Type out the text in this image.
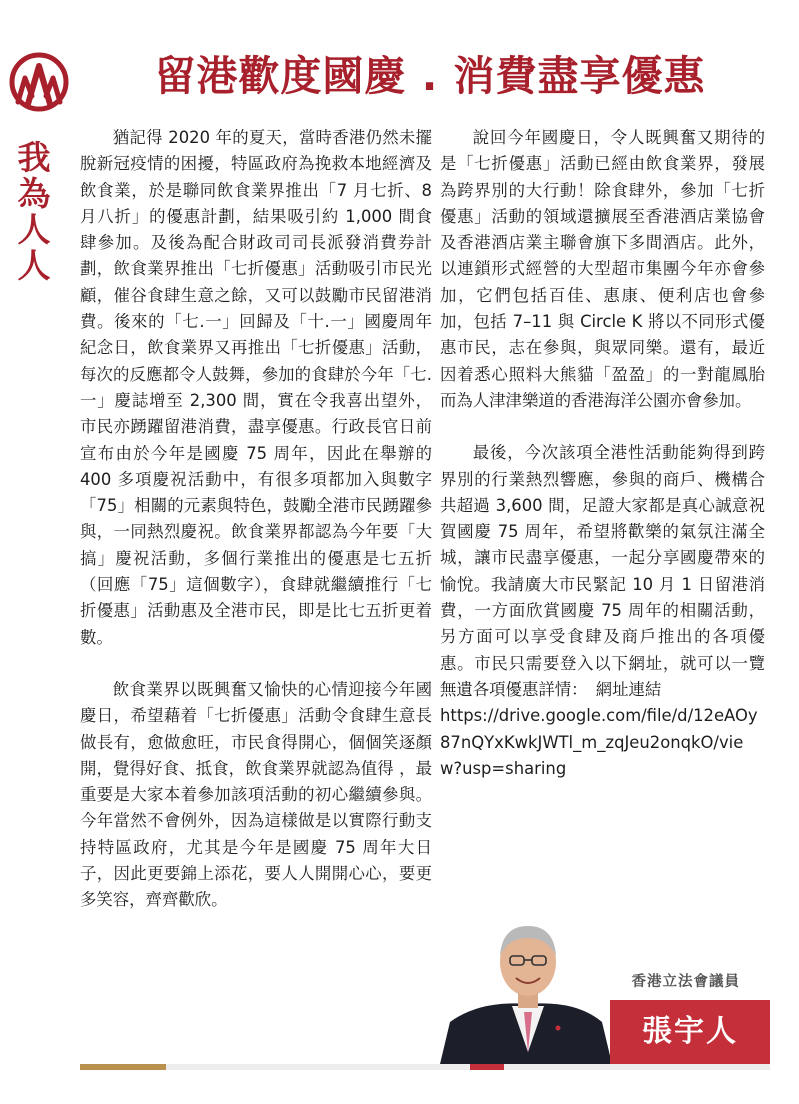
我為人人
留港歡度國慶 . 消費盡享優惠

猶記得 2020 年的夏天，當時香港仍然未擺脫新冠疫情的困擾，特區政府為挽救本地經濟及飲食業，於是聯同飲食業界推出「7 月七折、8 月八折」的優惠計劃，結果吸引約 1,000 間食肆參加。及後為配合財政司司長派發消費券計劃，飲食業界推出「七折優惠」活動吸引市民光顧，催谷食肆生意之餘，又可以鼓勵市民留港消費。後來的「七.一」回歸及「十.一」國慶周年紀念日，飲食業界又再推出「七折優惠」活動，每次的反應都令人鼓舞，參加的食肆於今年「七.一」慶誌增至 2,300 間，實在令我喜出望外，市民亦踴躍留港消費，盡享優惠。行政長官日前宣布由於今年是國慶 75 周年，因此在舉辦的 400 多項慶祝活動中，有很多項都加入與數字「75」相關的元素與特色，鼓勵全港市民踴躍參與，一同熱烈慶祝。飲食業界都認為今年要「大搞」慶祝活動，多個行業推出的優惠是七五折（回應「75」這個數字），食肆就繼續推行「七折優惠」活動惠及全港市民，即是比七五折更着數。

飲食業界以既興奮又愉快的心情迎接今年國慶日，希望藉着「七折優惠」活動令食肆生意長做長有，愈做愈旺，市民食得開心，個個笑逐顏開，覺得好食、抵食，飲食業界就認為值得 ，最重要是大家本着參加該項活動的初心繼續參與。今年當然不會例外，因為這樣做是以實際行動支持特區政府，尤其是今年是國慶 75 周年大日子，因此更要錦上添花，要人人開開心心，要更多笑容，齊齊歡欣。

說回今年國慶日，令人既興奮又期待的是「七折優惠」活動已經由飲食業界，發展為跨界別的大行動！除食肆外，參加「七折優惠」活動的領域還擴展至香港酒店業協會及香港酒店業主聯會旗下多間酒店。此外，以連鎖形式經營的大型超市集團今年亦會參加，它們包括百佳、惠康、便利店也會參加，包括 7–11 與 Circle K 將以不同形式優惠市民，志在參與，與眾同樂。還有，最近因着悉心照料大熊貓「盈盈」的一對龍鳳胎而為人津津樂道的香港海洋公園亦會參加。

最後，今次該項全港性活動能夠得到跨界別的行業熱烈響應，參與的商戶、機構合共超過 3,600 間，足證大家都是真心誠意祝賀國慶 75 周年，希望將歡樂的氣氛注滿全城，讓市民盡享優惠，一起分享國慶帶來的愉悅。我請廣大市民緊記 10 月 1 日留港消費，一方面欣賞國慶 75 周年的相關活動，另方面可以享受食肆及商戶推出的各項優惠。市民只需要登入以下網址，就可以一覽無遺各項優惠詳情：　網址連結

https://drive.google.com/file/d/12eAOy87nQYxKwkJWTl_m_zqJeu2onqkO/view?usp=sharing
香港立法會議員
張宇人
